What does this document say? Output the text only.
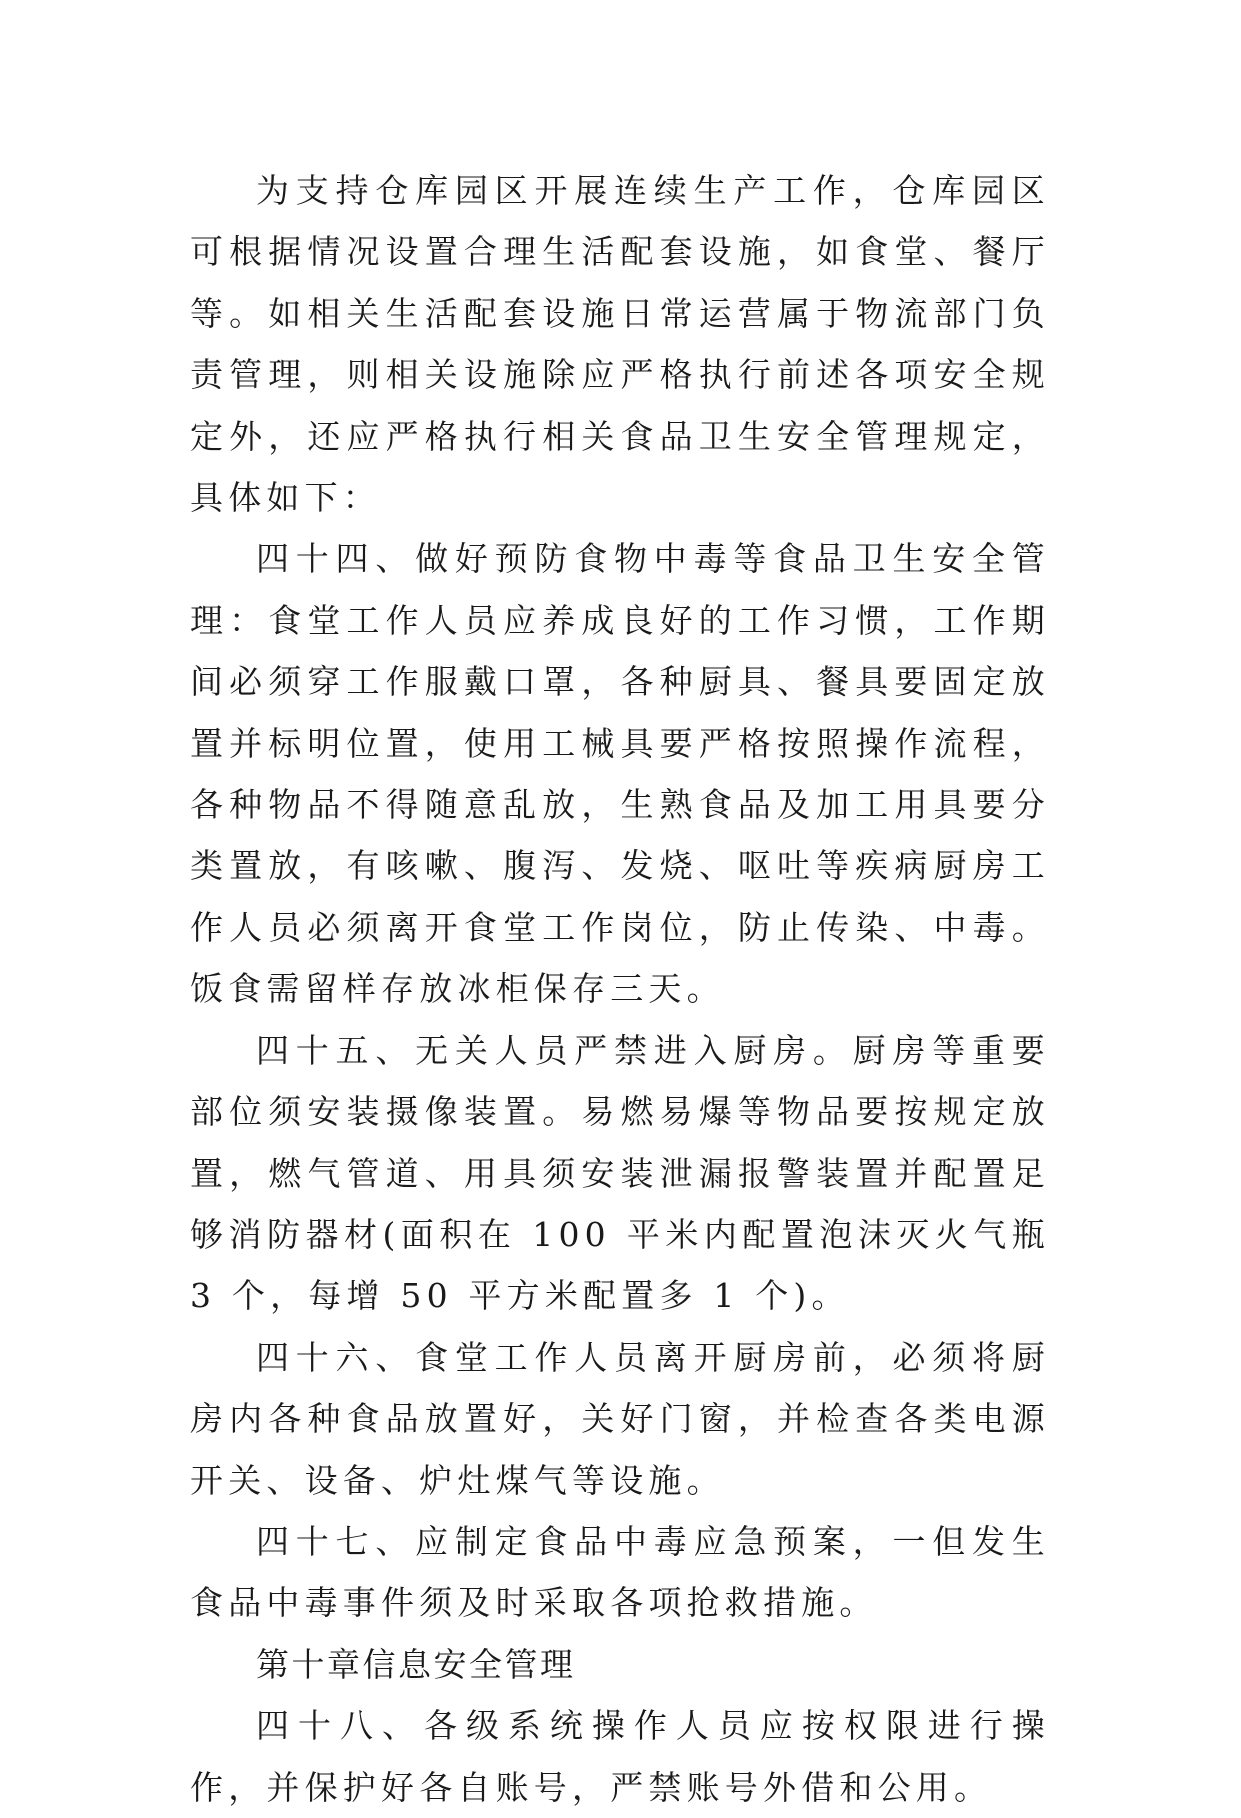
为支持仓库园区开展连续生产工作，仓库园区可根据情况设置合理生活配套设施，如食堂、餐厅等。如相关生活配套设施日常运营属于物流部门负责管理，则相关设施除应严格执行前述各项安全规定外，还应严格执行相关食品卫生安全管理规定，具体如下：

四十四、做好预防食物中毒等食品卫生安全管理：食堂工作人员应养成良好的工作习惯，工作期间必须穿工作服戴口罩，各种厨具、餐具要固定放置并标明位置，使用工械具要严格按照操作流程，各种物品不得随意乱放，生熟食品及加工用具要分类置放，有咳嗽、腹泻、发烧、呕吐等疾病厨房工作人员必须离开食堂工作岗位，防止传染、中毒。饭食需留样存放冰柜保存三天。

四十五、无关人员严禁进入厨房。厨房等重要部位须安装摄像装置。易燃易爆等物品要按规定放置，燃气管道、用具须安装泄漏报警装置并配置足够消防器材(面积在 100 平米内配置泡沫灭火气瓶 3 个，每增 50 平方米配置多 1 个)。

四十六、食堂工作人员离开厨房前，必须将厨房内各种食品放置好，关好门窗，并检查各类电源开关、设备、炉灶煤气等设施。

四十七、应制定食品中毒应急预案，一但发生食品中毒事件须及时采取各项抢救措施。

第十章信息安全管理

四十八、各级系统操作人员应按权限进行操作，并保护好各自账号，严禁账号外借和公用。
